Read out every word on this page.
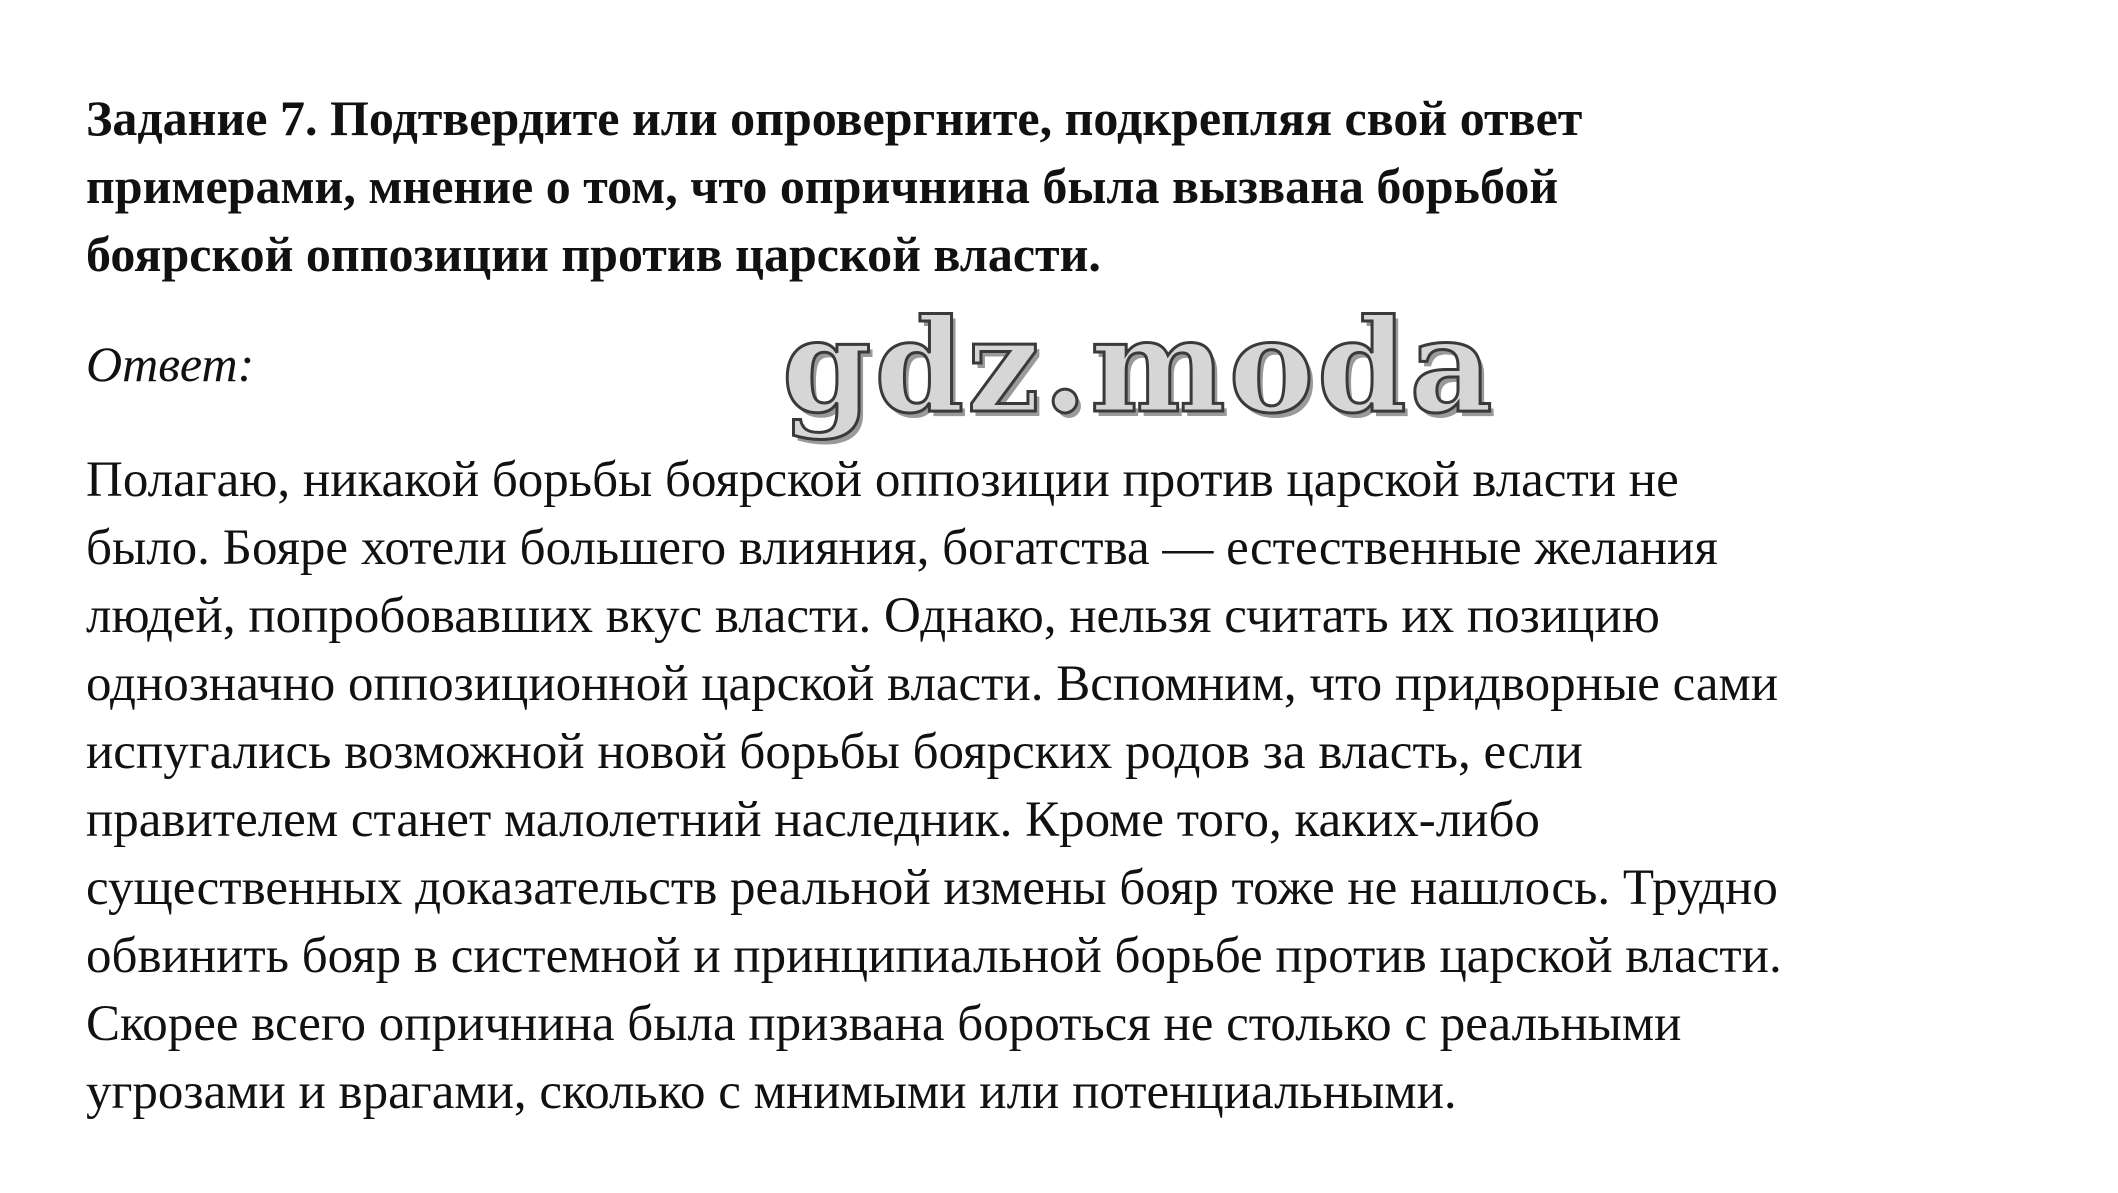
Задание 7. Подтвердите или опровергните, подкрепляя свой ответ
примерами, мнение о том, что опричнина была вызвана борьбой
боярской оппозиции против царской власти.

Ответ:	gdz.moda

Полагаю, никакой борьбы боярской оппозиции против царской власти не
было. Бояре хотели большего влияния, богатства — естественные желания
людей, попробовавших вкус власти. Однако, нельзя считать их позицию
однозначно оппозиционной царской власти. Вспомним, что придворные сами
испугались возможной новой борьбы боярских родов за власть, если
правителем станет малолетний наследник. Кроме того, каких-либо
существенных доказательств реальной измены бояр тоже не нашлось. Трудно
обвинить бояр в системной и принципиальной борьбе против царской власти.
Скорее всего опричнина была призвана бороться не столько с реальными
угрозами и врагами, сколько с мнимыми или потенциальными.
